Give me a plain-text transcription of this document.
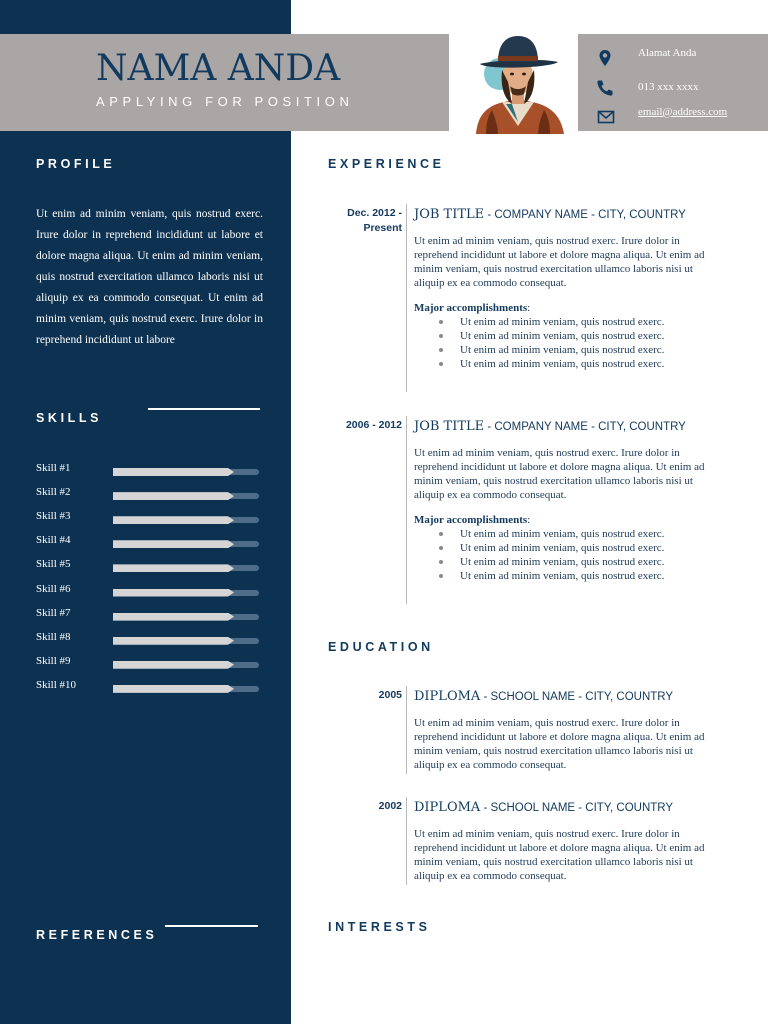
NAMA ANDA
APPLYING FOR POSITION
Alamat Anda
013 xxx xxxx
email@address.com
PROFILE
Ut enim ad minim veniam, quis nostrud exerc. Irure dolor in reprehend incididunt ut labore et dolore magna aliqua. Ut enim ad minim veniam, quis nostrud exercitation ullamco laboris nisi ut aliquip ex ea commodo consequat. Ut enim ad minim veniam, quis nostrud exerc. Irure dolor in reprehend incididunt ut labore
SKILLS
Skill #1
Skill #2
Skill #3
Skill #4
Skill #5
Skill #6
Skill #7
Skill #8
Skill #9
Skill #10
REFERENCES
EXPERIENCE
Dec. 2012 - Present
JOB TITLE - COMPANY NAME - CITY, COUNTRY
Ut enim ad minim veniam, quis nostrud exerc. Irure dolor in reprehend incididunt ut labore et dolore magna aliqua. Ut enim ad minim veniam, quis nostrud exercitation ullamco laboris nisi ut aliquip ex ea commodo consequat.
Major accomplishments:
Ut enim ad minim veniam, quis nostrud exerc.
Ut enim ad minim veniam, quis nostrud exerc.
Ut enim ad minim veniam, quis nostrud exerc.
Ut enim ad minim veniam, quis nostrud exerc.
2006 - 2012 JOB TITLE - COMPANY NAME - CITY, COUNTRY
Ut enim ad minim veniam, quis nostrud exerc. Irure dolor in reprehend incididunt ut labore et dolore magna aliqua. Ut enim ad minim veniam, quis nostrud exercitation ullamco laboris nisi ut aliquip ex ea commodo consequat.
Major accomplishments:
Ut enim ad minim veniam, quis nostrud exerc.
Ut enim ad minim veniam, quis nostrud exerc.
Ut enim ad minim veniam, quis nostrud exerc.
Ut enim ad minim veniam, quis nostrud exerc.
EDUCATION
2005 DIPLOMA - SCHOOL NAME - CITY, COUNTRY
Ut enim ad minim veniam, quis nostrud exerc. Irure dolor in reprehend incididunt ut labore et dolore magna aliqua. Ut enim ad minim veniam, quis nostrud exercitation ullamco laboris nisi ut aliquip ex ea commodo consequat.
2002 DIPLOMA - SCHOOL NAME - CITY, COUNTRY
Ut enim ad minim veniam, quis nostrud exerc. Irure dolor in reprehend incididunt ut labore et dolore magna aliqua. Ut enim ad minim veniam, quis nostrud exercitation ullamco laboris nisi ut aliquip ex ea commodo consequat.
INTERESTS
